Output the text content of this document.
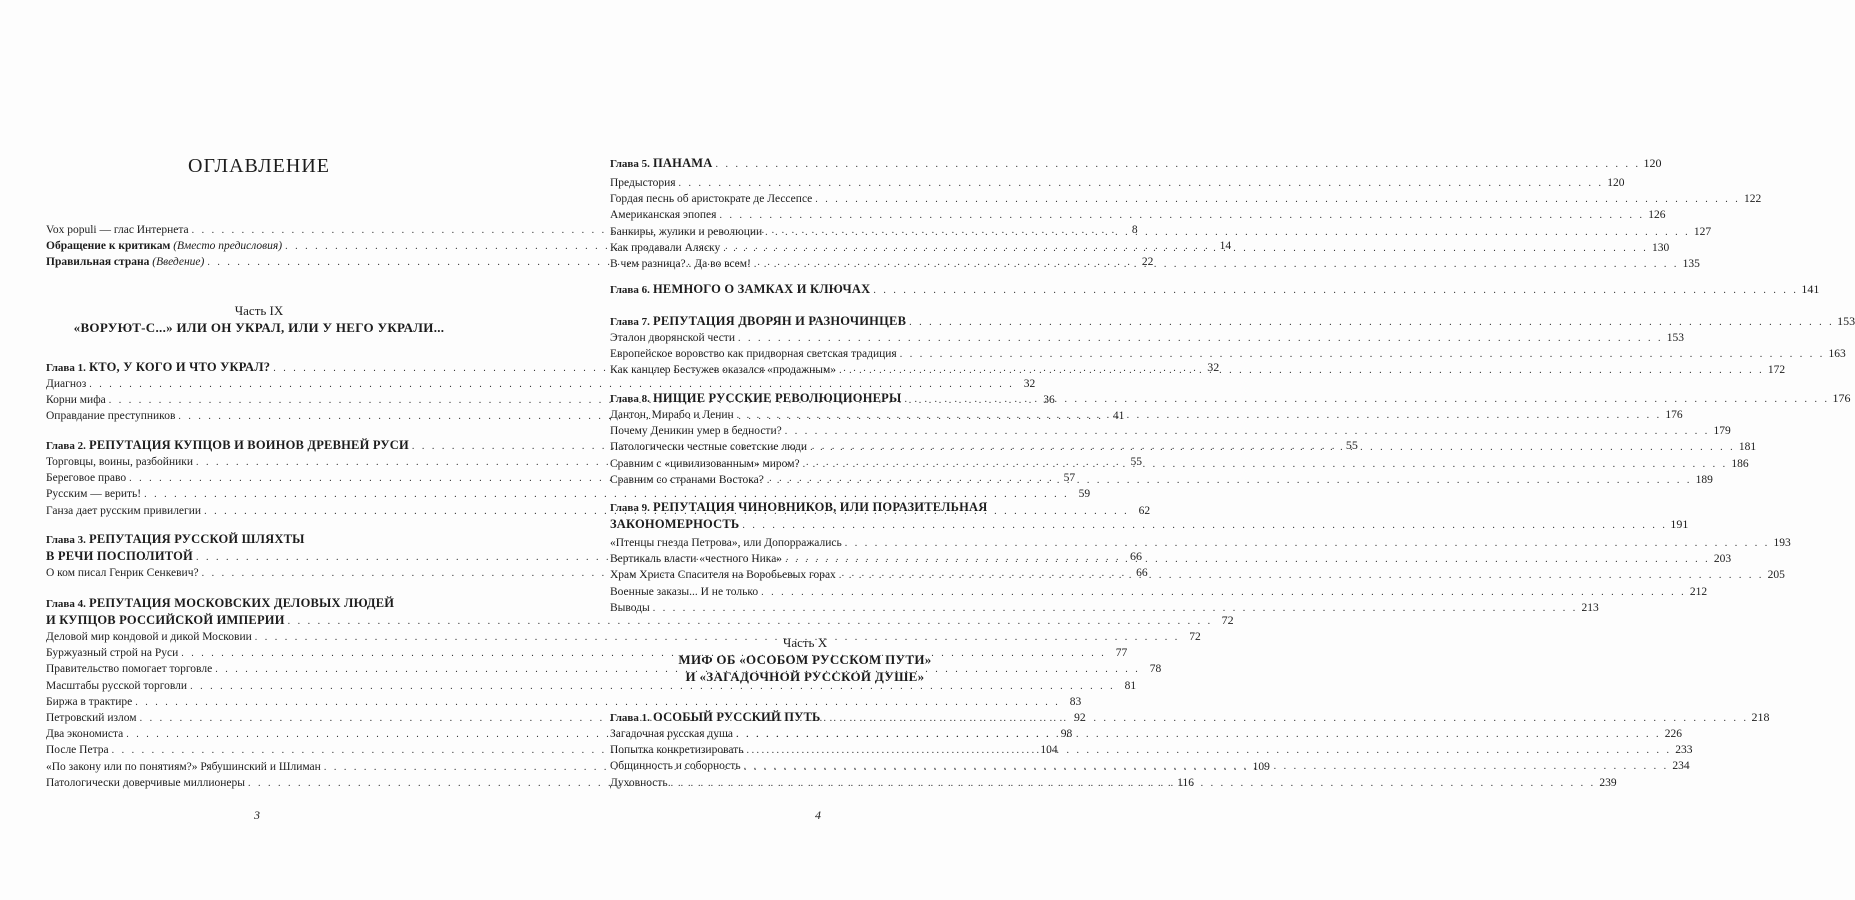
ОГЛАВЛЕНИЕ
Vox populi — глас Интернета . . .	8
Обращение к критикам (Вместо предисловия) . . .	14
Правильная страна (Введение) . . .	22
Часть IX
«ВОРУЮТ-С...» ИЛИ ОН УКРАЛ, ИЛИ У НЕГО УКРАЛИ...
Глава 1. КТО, У КОГО И ЧТО УКРАЛ? . . .	32
Диагноз . . .	32
Корни мифа . . .	36
Оправдание преступников . . .	41
Глава 2. РЕПУТАЦИЯ КУПЦОВ И ВОИНОВ ДРЕВНЕЙ РУСИ . . .	55
Торговцы, воины, разбойники . . .	55
Береговое право . . .	57
Русским — верить! . . .	59
Ганза дает русским привилегии . . .	62
Глава 3. РЕПУТАЦИЯ РУССКОЙ ШЛЯХТЫ
В РЕЧИ ПОСПОЛИТОЙ . . .	66
О ком писал Генрик Сенкевич? . . .	66
Глава 4. РЕПУТАЦИЯ МОСКОВСКИХ ДЕЛОВЫХ ЛЮДЕЙ
И КУПЦОВ РОССИЙСКОЙ ИМПЕРИИ . . .	72
Деловой мир кондовой и дикой Московии . . .	72
Буржуазный строй на Руси . . .	77
Правительство помогает торговле . . .	78
Масштабы русской торговли . . .	81
Биржа в трактире . . .	83
Петровский излом . . .	92
Два экономиста . . .	98
После Петра . . .	104
«По закону или по понятиям?» Рябушинский и Шлиман . . .	109
Патологически доверчивые миллионеры . . .	116
3
Глава 5. ПАНАМА . . .	120
Предыстория . . .	120
Гордая песнь об аристократе де Лессепсе . . .	122
Американская эпопея . . .	126
Банкиры, жулики и революции . . .	127
Как продавали Аляску . . .	130
В чем разница?.. Да во всем! . . .	135
Глава 6. НЕМНОГО О ЗАМКАХ И КЛЮЧАХ . . .	141
Глава 7. РЕПУТАЦИЯ ДВОРЯН И РАЗНОЧИНЦЕВ . . .	153
Эталон дворянской чести . . .	153
Европейское воровство как придворная светская традиция . . .	163
Как канцлер Бестужев оказался «продажным» . . .	172
Глава 8. НИЩИЕ РУССКИЕ РЕВОЛЮЦИОНЕРЫ . . .	176
Дантон, Мирабо и Ленин . . .	176
Почему Деникин умер в бедности? . . .	179
Патологически честные советские люди . . .	181
Сравним с «цивилизованным» миром? . . .	186
Сравним со странами Востока? . . .	189
Глава 9. РЕПУТАЦИЯ ЧИНОВНИКОВ, ИЛИ ПОРАЗИТЕЛЬНАЯ
ЗАКОНОМЕРНОСТЬ . . .	191
«Птенцы гнезда Петрова», или Допоpражались . . .	193
Вертикаль власти «честного Ника» . . .	203
Храм Христа Спасителя на Воробьевых горах . . .	205
Военные заказы... И не только . . .	212
Выводы . . .	213
Часть X
МИФ ОБ «ОСОБОМ РУССКОМ ПУТИ»
И «ЗАГАДОЧНОЙ РУССКОЙ ДУШЕ»
Глава 1. ОСОБЫЙ РУССКИЙ ПУТЬ . . .	218
Загадочная русская душа . . .	226
Попытка конкретизировать . . .	233
Общинность и соборность . . .	234
Духовность . . .	239
4
